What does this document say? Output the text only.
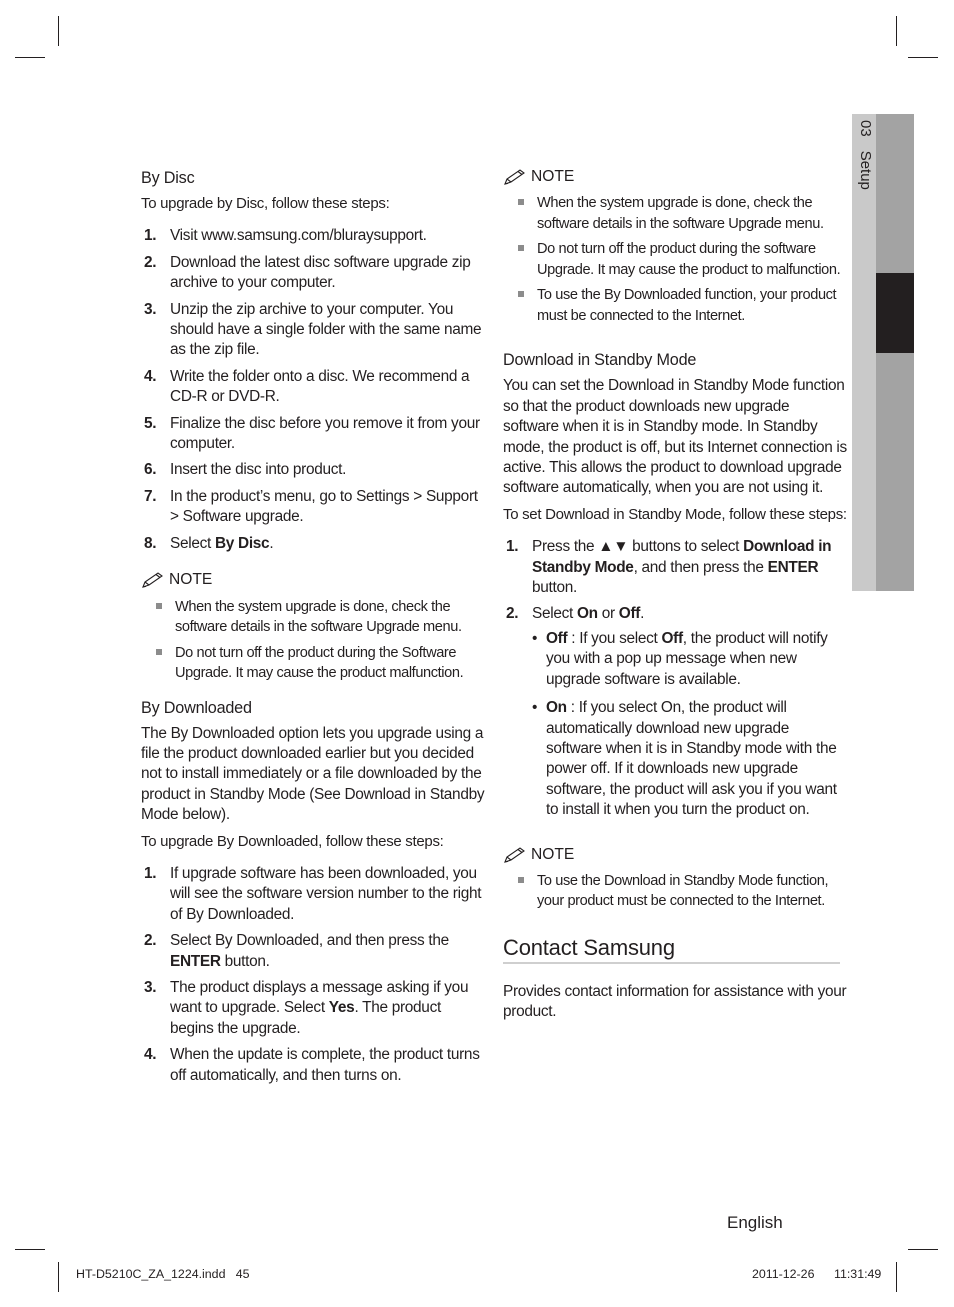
03Setup
By Disc

To upgrade by Disc, follow these steps:

1. Visit www.samsung.com/bluraysupport.
2. Download the latest disc software upgrade zip archive to your computer.
3. Unzip the zip archive to your computer. You should have a single folder with the same name as the zip file.
4. Write the folder onto a disc. We recommend a CD-R or DVD-R.
5. Finalize the disc before you remove it from your computer.
6. Insert the disc into product.
7. In the product’s menu, go to Settings > Support > Software upgrade.
8. Select By Disc.
NOTE
When the system upgrade is done, check the software details in the software Upgrade menu.
Do not turn off the product during the Software Upgrade. It may cause the product malfunction.
By Downloaded

The By Downloaded option lets you upgrade using a file the product downloaded earlier but you decided not to install immediately or a file downloaded by the product in Standby Mode (See Download in Standby Mode below).

To upgrade By Downloaded, follow these steps:

1. If upgrade software has been downloaded, you will see the software version number to the right of By Downloaded.
2. Select By Downloaded, and then press the ENTER button.
3. The product displays a message asking if you want to upgrade. Select Yes. The product begins the upgrade.
4. When the update is complete, the product turns off automatically, and then turns on.
NOTE
When the system upgrade is done, check the software details in the software Upgrade menu.
Do not turn off the product during the software Upgrade. It may cause the product to malfunction.
To use the By Downloaded function, your product must be connected to the Internet.
Download in Standby Mode

You can set the Download in Standby Mode function so that the product downloads new upgrade software when it is in Standby mode. In Standby mode, the product is off, but its Internet connection is active. This allows the product to download upgrade software automatically, when you are not using it.

To set Download in Standby Mode, follow these steps:

1. Press the ▲▼ buttons to select Download in Standby Mode, and then press the ENTER button.
2. Select On or Off.
• Off : If you select Off, the product will notify you with a pop up message when new upgrade software is available.
• On : If you select On, the product will automatically download new upgrade software when it is in Standby mode with the power off. If it downloads new upgrade software, the product will ask you if you want to install it when you turn the product on.
NOTE
To use the Download in Standby Mode function, your product must be connected to the Internet.
Contact Samsung

Provides contact information for assistance with your product.

English
HT-D5210C_ZA_1224.indd   45	2011-12-26 11:31:49
